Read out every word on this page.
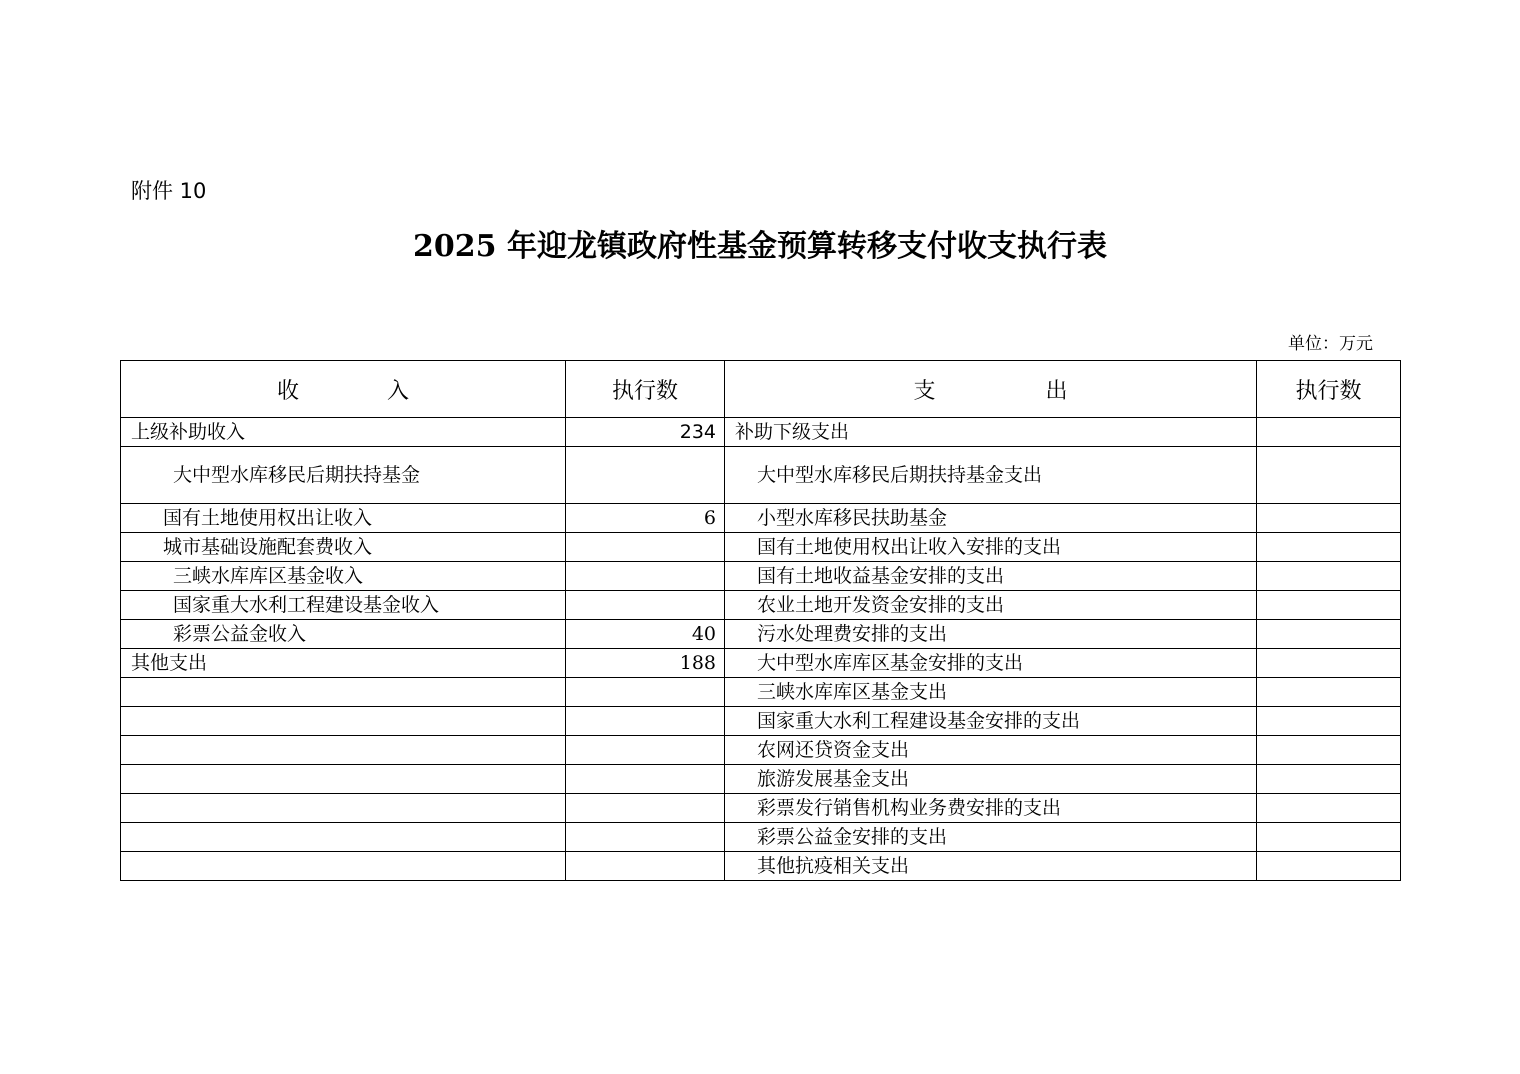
附件 10
2025 年迎龙镇政府性基金预算转移支付收支执行表
单位：万元
收 入	执行数	支 出	执行数
上级补助收入	234	补助下级支出	
大中型水库移民后期扶持基金		大中型水库移民后期扶持基金支出	
国有土地使用权出让收入	6	小型水库移民扶助基金	
城市基础设施配套费收入		国有土地使用权出让收入安排的支出	
三峡水库库区基金收入		国有土地收益基金安排的支出	
国家重大水利工程建设基金收入		农业土地开发资金安排的支出	
彩票公益金收入	40	污水处理费安排的支出	
其他支出	188	大中型水库库区基金安排的支出	
		三峡水库库区基金支出	
		国家重大水利工程建设基金安排的支出	
		农网还贷资金支出	
		旅游发展基金支出	
		彩票发行销售机构业务费安排的支出	
		彩票公益金安排的支出	
		其他抗疫相关支出	
